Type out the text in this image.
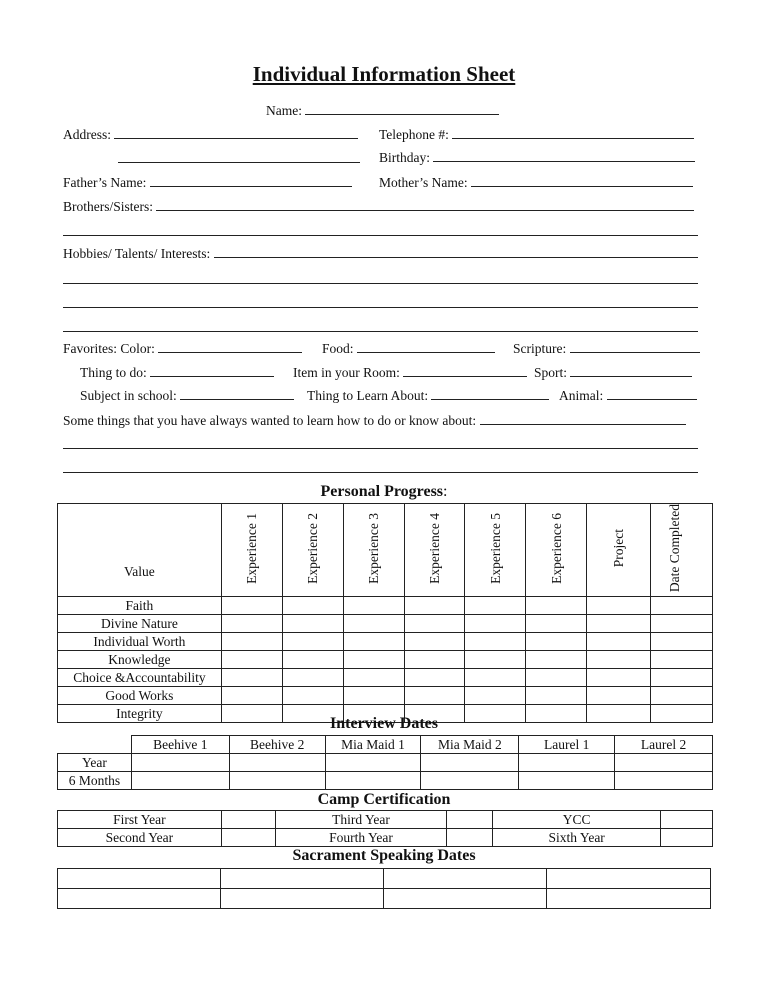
Individual Information Sheet
Name:
Address:	Telephone #:
Birthday:
Father’s Name:	Mother’s Name:
Brothers/Sisters:
Hobbies/ Talents/ Interests:
Favorites: Color:	Food:	Scripture:
Thing to do:	Item in your Room:	Sport:
Subject in school:	Thing to Learn About:	Animal:
Some things that you have always wanted to learn how to do or know about:
Personal Progress:
Value	Experience 1	Experience 2	Experience 3	Experience 4	Experience 5	Experience 6	Project	Date Completed
Faith								
Divine Nature								
Individual Worth								
Knowledge								
Choice &Accountability								
Good Works								
Integrity								
Interview Dates
	Beehive 1	Beehive 2	Mia Maid 1	Mia Maid 2	Laurel 1	Laurel 2
Year						
6 Months						
Camp Certification
First Year		Third Year		YCC	
Second Year		Fourth Year		Sixth Year	
Sacrament Speaking Dates
